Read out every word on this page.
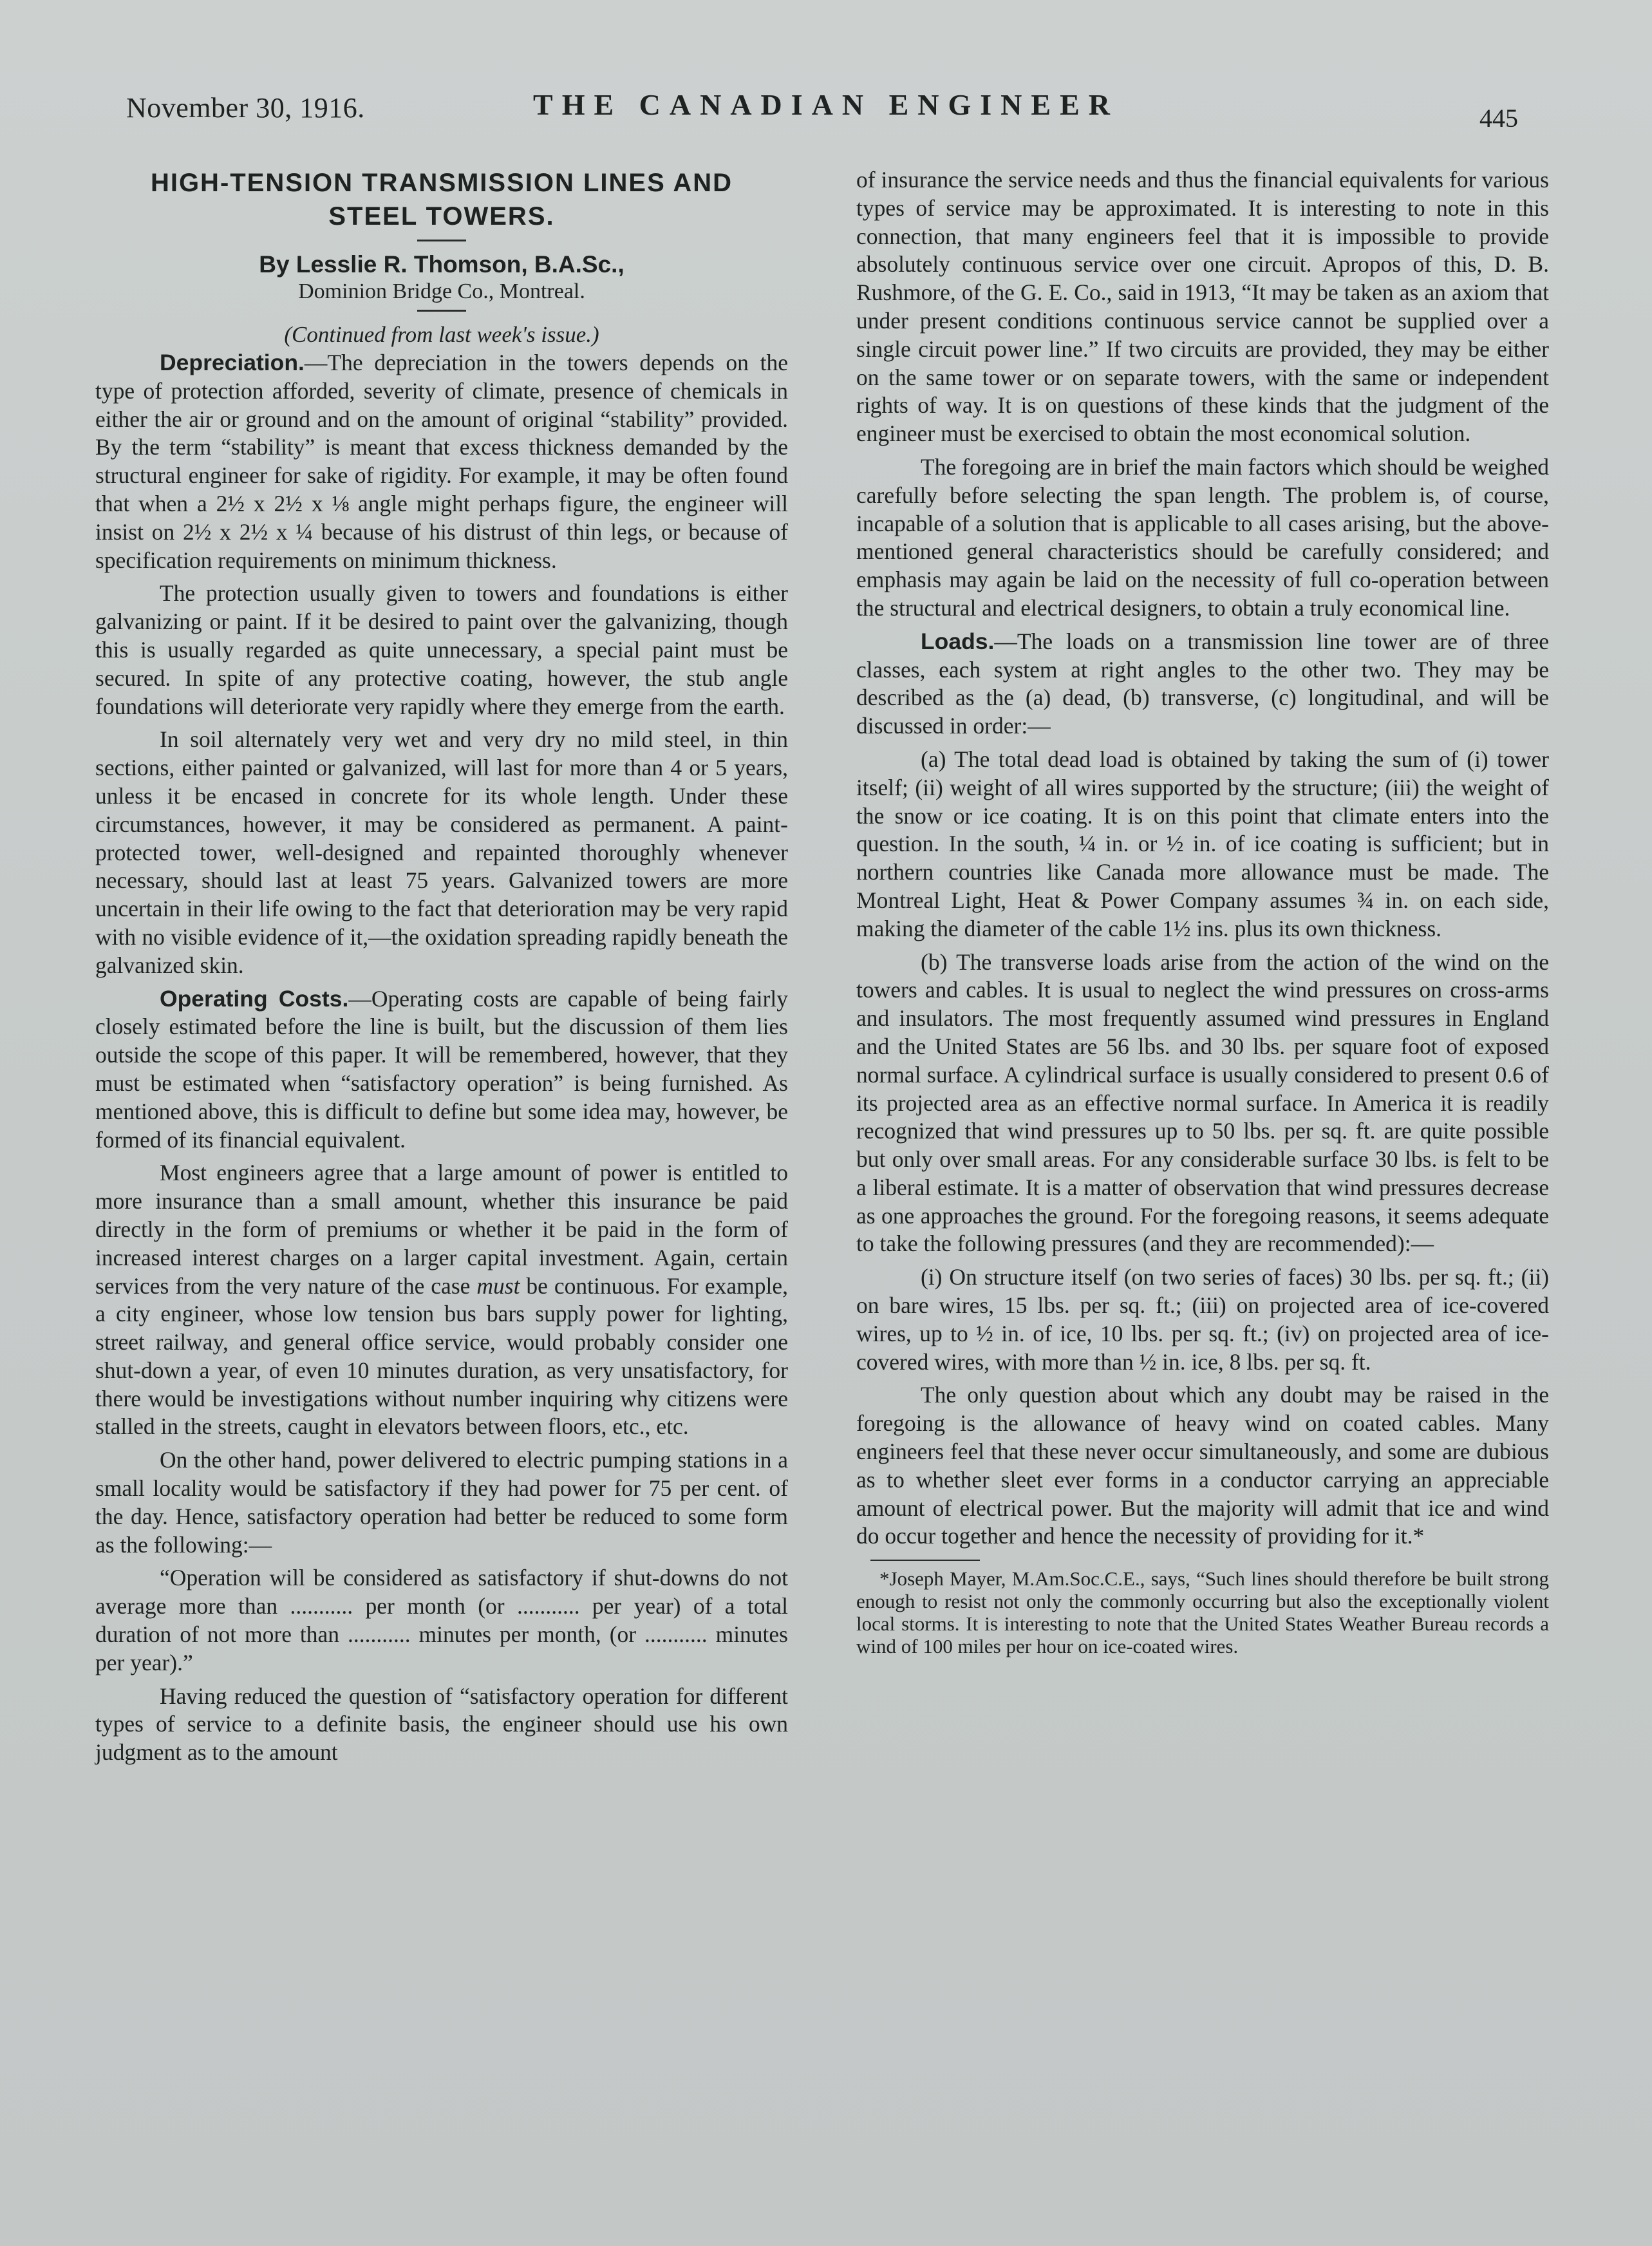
November 30, 1916.	THE CANADIAN ENGINEER	445
HIGH-TENSION TRANSMISSION LINES AND
STEEL TOWERS.
By Lesslie R. Thomson, B.A.Sc.,
Dominion Bridge Co., Montreal.
(Continued from last week's issue.)

Depreciation.—The depreciation in the towers depends on the type of protection afforded, severity of climate, presence of chemicals in either the air or ground and on the amount of original “stability” provided. By the term “stability” is meant that excess thickness demanded by the structural engineer for sake of rigidity. For example, it may be often found that when a 2½ x 2½ x ⅛ angle might perhaps figure, the engineer will insist on 2½ x 2½ x ¼ because of his distrust of thin legs, or because of specification requirements on minimum thickness.

The protection usually given to towers and foundations is either galvanizing or paint. If it be desired to paint over the galvanizing, though this is usually regarded as quite unnecessary, a special paint must be secured. In spite of any protective coating, however, the stub angle foundations will deteriorate very rapidly where they emerge from the earth.

In soil alternately very wet and very dry no mild steel, in thin sections, either painted or galvanized, will last for more than 4 or 5 years, unless it be encased in concrete for its whole length. Under these circumstances, however, it may be considered as permanent. A paint-protected tower, well-designed and repainted thoroughly whenever necessary, should last at least 75 years. Galvanized towers are more uncertain in their life owing to the fact that deterioration may be very rapid with no visible evidence of it,—the oxidation spreading rapidly beneath the galvanized skin.

Operating Costs.—Operating costs are capable of being fairly closely estimated before the line is built, but the discussion of them lies outside the scope of this paper. It will be remembered, however, that they must be estimated when “satisfactory operation” is being furnished. As mentioned above, this is difficult to define but some idea may, however, be formed of its financial equivalent.

Most engineers agree that a large amount of power is entitled to more insurance than a small amount, whether this insurance be paid directly in the form of premiums or whether it be paid in the form of increased interest charges on a larger capital investment. Again, certain services from the very nature of the case must be continuous. For example, a city engineer, whose low tension bus bars supply power for lighting, street railway, and general office service, would probably consider one shut-down a year, of even 10 minutes duration, as very unsatisfactory, for there would be investigations without number inquiring why citizens were stalled in the streets, caught in elevators between floors, etc., etc.

On the other hand, power delivered to electric pumping stations in a small locality would be satisfactory if they had power for 75 per cent. of the day. Hence, satisfactory operation had better be reduced to some form as the following:—

“Operation will be considered as satisfactory if shut-downs do not average more than ........... per month (or ........... per year) of a total duration of not more than ........... minutes per month, (or ........... minutes per year).”

Having reduced the question of “satisfactory operation for different types of service to a definite basis, the engineer should use his own judgment as to the amount

of insurance the service needs and thus the financial equivalents for various types of service may be approximated. It is interesting to note in this connection, that many engineers feel that it is impossible to provide absolutely continuous service over one circuit. Apropos of this, D. B. Rushmore, of the G. E. Co., said in 1913, “It may be taken as an axiom that under present conditions continuous service cannot be supplied over a single circuit power line.” If two circuits are provided, they may be either on the same tower or on separate towers, with the same or independent rights of way. It is on questions of these kinds that the judgment of the engineer must be exercised to obtain the most economical solution.

The foregoing are in brief the main factors which should be weighed carefully before selecting the span length. The problem is, of course, incapable of a solution that is applicable to all cases arising, but the above-mentioned general characteristics should be carefully considered; and emphasis may again be laid on the necessity of full co-operation between the structural and electrical designers, to obtain a truly economical line.

Loads.—The loads on a transmission line tower are of three classes, each system at right angles to the other two. They may be described as the (a) dead, (b) transverse, (c) longitudinal, and will be discussed in order:—

(a) The total dead load is obtained by taking the sum of (i) tower itself; (ii) weight of all wires supported by the structure; (iii) the weight of the snow or ice coating. It is on this point that climate enters into the question. In the south, ¼ in. or ½ in. of ice coating is sufficient; but in northern countries like Canada more allowance must be made. The Montreal Light, Heat & Power Company assumes ¾ in. on each side, making the diameter of the cable 1½ ins. plus its own thickness.

(b) The transverse loads arise from the action of the wind on the towers and cables. It is usual to neglect the wind pressures on cross-arms and insulators. The most frequently assumed wind pressures in England and the United States are 56 lbs. and 30 lbs. per square foot of exposed normal surface. A cylindrical surface is usually considered to present 0.6 of its projected area as an effective normal surface. In America it is readily recognized that wind pressures up to 50 lbs. per sq. ft. are quite possible but only over small areas. For any considerable surface 30 lbs. is felt to be a liberal estimate. It is a matter of observation that wind pressures decrease as one approaches the ground. For the foregoing reasons, it seems adequate to take the following pressures (and they are recommended):—

(i) On structure itself (on two series of faces) 30 lbs. per sq. ft.; (ii) on bare wires, 15 lbs. per sq. ft.; (iii) on projected area of ice-covered wires, up to ½ in. of ice, 10 lbs. per sq. ft.; (iv) on projected area of ice-covered wires, with more than ½ in. ice, 8 lbs. per sq. ft.

The only question about which any doubt may be raised in the foregoing is the allowance of heavy wind on coated cables. Many engineers feel that these never occur simultaneously, and some are dubious as to whether sleet ever forms in a conductor carrying an appreciable amount of electrical power. But the majority will admit that ice and wind do occur together and hence the necessity of providing for it.*

*Joseph Mayer, M.Am.Soc.C.E., says, “Such lines should therefore be built strong enough to resist not only the commonly occurring but also the exceptionally violent local storms. It is interesting to note that the United States Weather Bureau records a wind of 100 miles per hour on ice-coated wires.
